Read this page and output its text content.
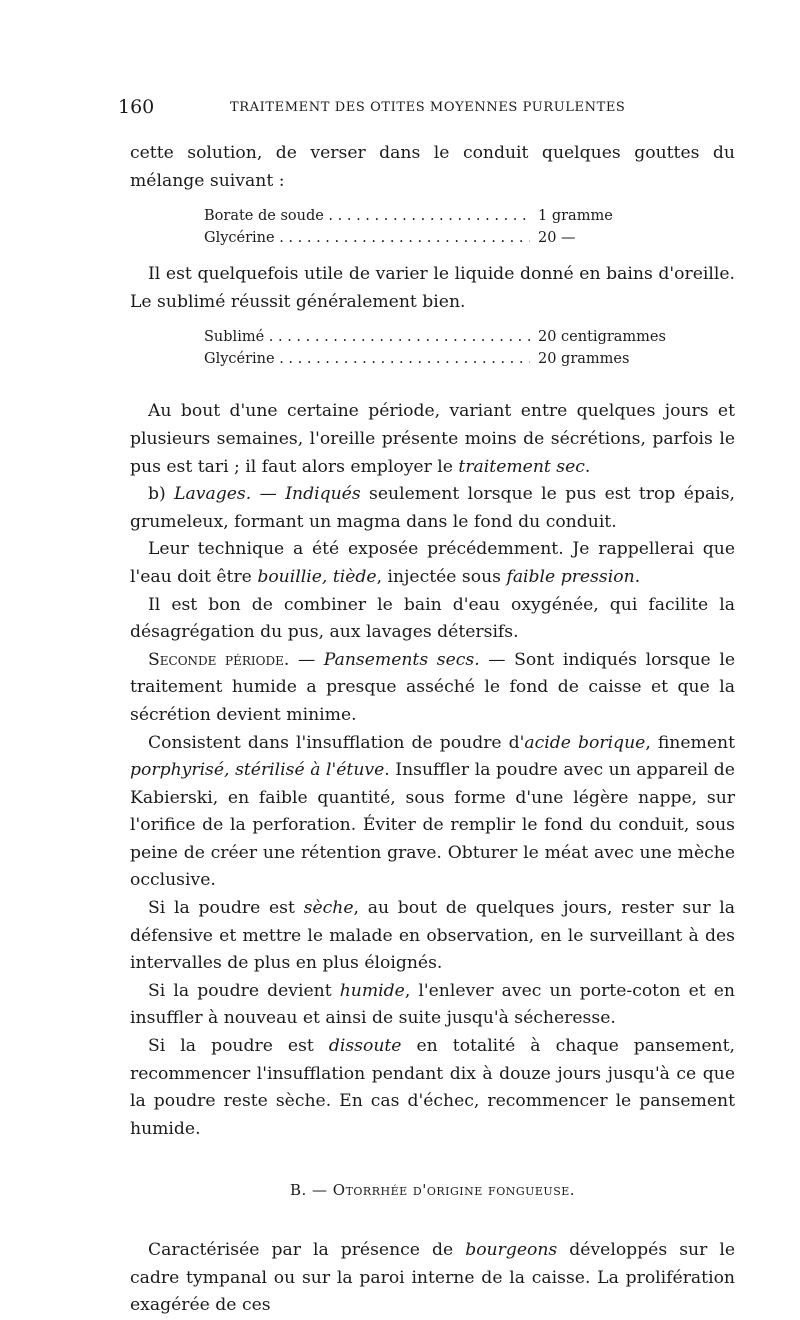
160	TRAITEMENT DES OTITES MOYENNES PURULENTES

cette solution, de verser dans le conduit quelques gouttes du mélange suivant :

Borate de soude . . .	1 gramme
Glycérine . . .	20 —

Il est quelquefois utile de varier le liquide donné en bains d'oreille. Le sublimé réussit généralement bien.

Sublimé . . .	20 centigrammes
Glycérine . . .	20 grammes

Au bout d'une certaine période, variant entre quelques jours et plusieurs semaines, l'oreille présente moins de sécrétions, parfois le pus est tari ; il faut alors employer le traitement sec.

b) Lavages. — Indiqués seulement lorsque le pus est trop épais, grumeleux, formant un magma dans le fond du conduit.

Leur technique a été exposée précédemment. Je rappellerai que l'eau doit être bouillie, tiède, injectée sous faible pression.

Il est bon de combiner le bain d'eau oxygénée, qui facilite la désagrégation du pus, aux lavages détersifs.

Seconde période. — Pansements secs. — Sont indiqués lorsque le traitement humide a presque asséché le fond de caisse et que la sécrétion devient minime.

Consistent dans l'insufflation de poudre d'acide borique, finement porphyrisé, stérilisé à l'étuve. Insuffler la poudre avec un appareil de Kabierski, en faible quantité, sous forme d'une légère nappe, sur l'orifice de la perforation. Éviter de remplir le fond du conduit, sous peine de créer une rétention grave. Obturer le méat avec une mèche occlusive.

Si la poudre est sèche, au bout de quelques jours, rester sur la défensive et mettre le malade en observation, en le surveillant à des intervalles de plus en plus éloignés.

Si la poudre devient humide, l'enlever avec un porte-coton et en insuffler à nouveau et ainsi de suite jusqu'à sécheresse.

Si la poudre est dissoute en totalité à chaque pansement, recommencer l'insufflation pendant dix à douze jours jusqu'à ce que la poudre reste sèche. En cas d'échec, recommencer le pansement humide.

B. — Otorrhée d'origine fongueuse.

Caractérisée par la présence de bourgeons développés sur le cadre tympanal ou sur la paroi interne de la caisse. La prolifération exagérée de ces
